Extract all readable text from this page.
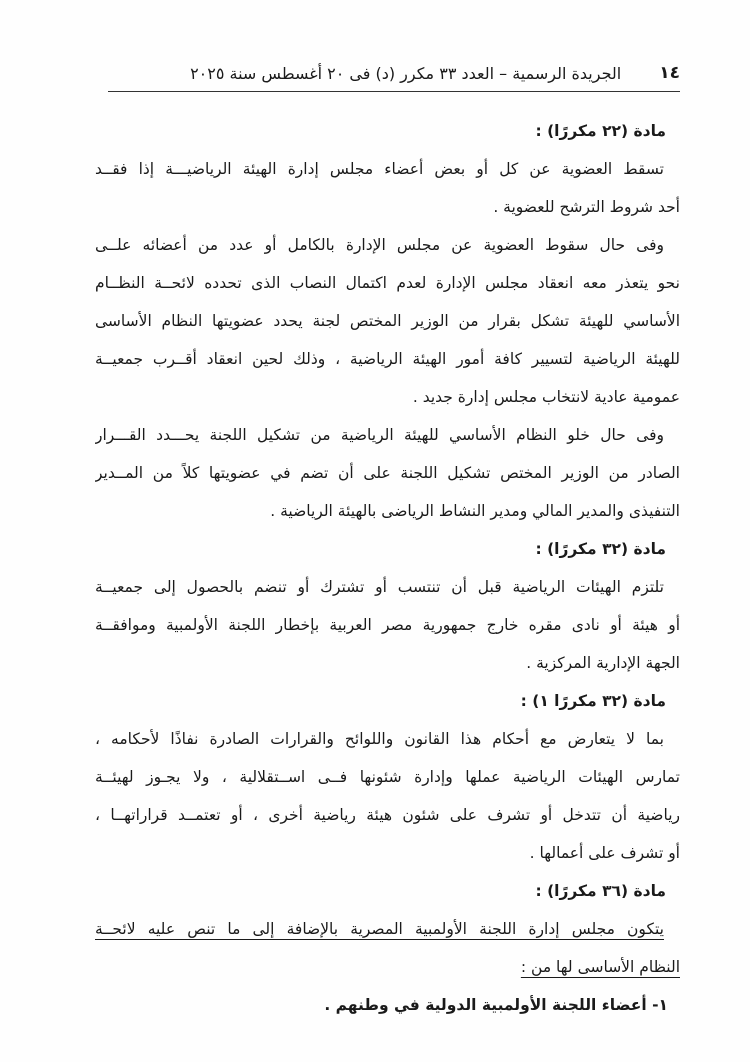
١٤
الجريدة الرسمية – العدد ٣٣ مكرر (د) فى ٢٠ أغسطس سنة ٢٠٢٥
مادة (٢٢ مكررًا) :
تسقط العضوية عن كل أو بعض أعضاء مجلس إدارة الهيئة الرياضيـــة إذا فقــد
أحد شروط الترشح للعضوية .
وفى حال سقوط العضوية عن مجلس الإدارة بالكامل أو عدد من أعضائه علــى
نحو يتعذر معه انعقاد مجلس الإدارة لعدم اكتمال النصاب الذى تحدده لائحــة النظــام
الأساسي للهيئة تشكل بقرار من الوزير المختص لجنة يحدد عضويتها النظام الأساسى
للهيئة الرياضية لتسيير كافة أمور الهيئة الرياضية ، وذلك لحين انعقاد أقــرب جمعيــة
عمومية عادية لانتخاب مجلس إدارة جديد .
وفى حال خلو النظام الأساسي للهيئة الرياضية من تشكيل اللجنة يحـــدد القـــرار
الصادر من الوزير المختص تشكيل اللجنة على أن تضم في عضويتها كلاً من المــدير
التنفيذى والمدير المالي ومدير النشاط الرياضى بالهيئة الرياضية .
مادة (٣٢ مكررًا) :
تلتزم الهيئات الرياضية قبل أن تنتسب أو تشترك أو تنضم بالحصول إلى جمعيــة
أو هيئة أو نادى مقره خارج جمهورية مصر العربية بإخطار اللجنة الأولمبية وموافقــة
الجهة الإدارية المركزية .
مادة (٣٢ مكررًا ١) :
بما لا يتعارض مع أحكام هذا القانون واللوائح والقرارات الصادرة نفاذًا لأحكامه ،
تمارس الهيئات الرياضية عملها وإدارة شئونها فــى اســتقلالية ، ولا يجـوز لهيئــة
رياضية أن تتدخل أو تشرف على شئون هيئة رياضية أخرى ، أو تعتمــد قراراتهــا ،
أو تشرف على أعمالها .
مادة (٣٦ مكررًا) :
يتكون مجلس إدارة اللجنة الأولمبية المصرية بالإضافة إلى ما تنص عليه لائحــة
النظام الأساسى لها من :
١- أعضاء اللجنة الأولمبية الدولية في وطنهم .
